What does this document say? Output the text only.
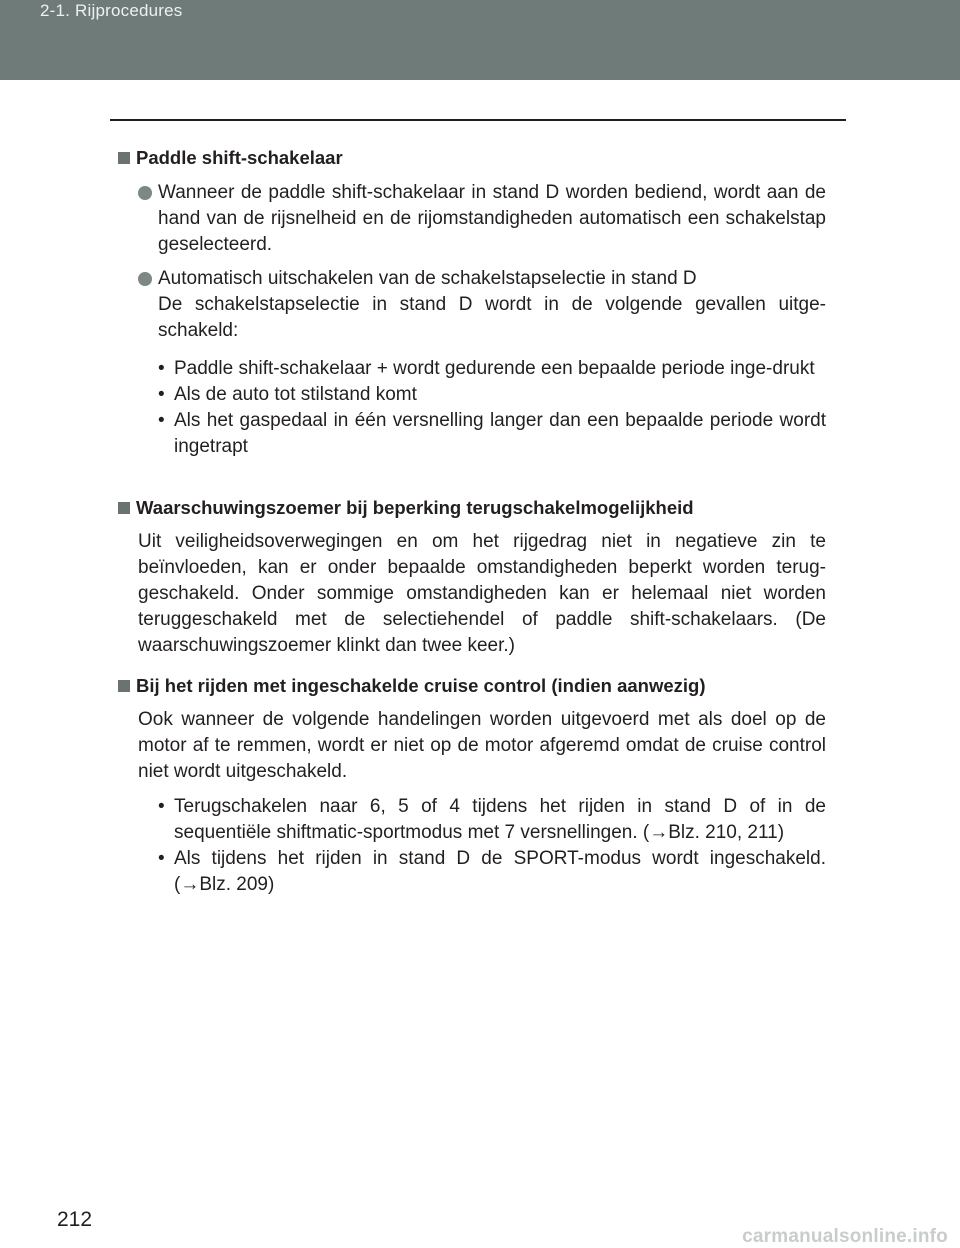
2-1. Rijprocedures
Paddle shift-schakelaar
Wanneer de paddle shift-schakelaar in stand D worden bediend, wordt aan de hand van de rijsnelheid en de rijomstandigheden automatisch een schakelstap geselecteerd.
Automatisch uitschakelen van de schakelstapselectie in stand D
De schakelstapselectie in stand D wordt in de volgende gevallen uitge-schakeld:
• Paddle shift-schakelaar + wordt gedurende een bepaalde periode inge-drukt
• Als de auto tot stilstand komt
• Als het gaspedaal in één versnelling langer dan een bepaalde periode wordt ingetrapt
Waarschuwingszoemer bij beperking terugschakelmogelijkheid
Uit veiligheidsoverwegingen en om het rijgedrag niet in negatieve zin te beïnvloeden, kan er onder bepaalde omstandigheden beperkt worden terug-geschakeld. Onder sommige omstandigheden kan er helemaal niet worden teruggeschakeld met de selectiehendel of paddle shift-schakelaars. (De waarschuwingszoemer klinkt dan twee keer.)
Bij het rijden met ingeschakelde cruise control (indien aanwezig)
Ook wanneer de volgende handelingen worden uitgevoerd met als doel op de motor af te remmen, wordt er niet op de motor afgeremd omdat de cruise control niet wordt uitgeschakeld.
• Terugschakelen naar 6, 5 of 4 tijdens het rijden in stand D of in de sequentiële shiftmatic-sportmodus met 7 versnellingen. (→Blz. 210, 211)
• Als tijdens het rijden in stand D de SPORT-modus wordt ingeschakeld. (→Blz. 209)
212
carmanualsonline.info
